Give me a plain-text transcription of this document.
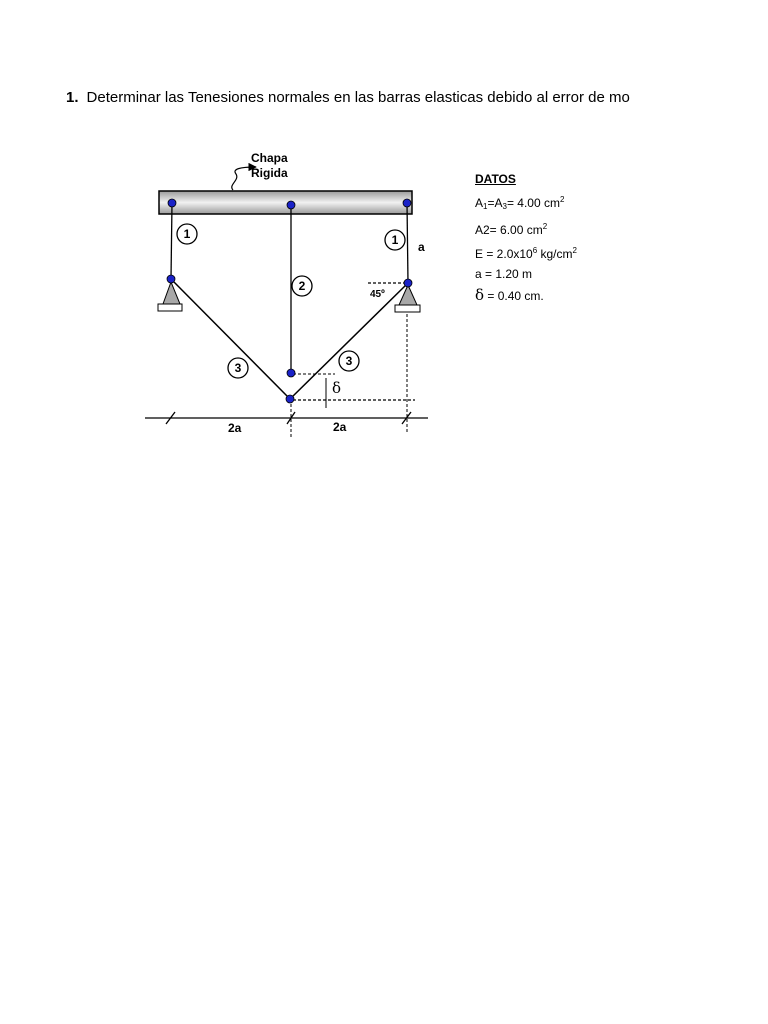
1. Determinar las Tenesiones normales en las barras elasticas debido al error de mo
Chapa
Rigida
45º
δ
2a	2a
1	1 a
2
3	3
DATOS
$A_1=A_3= 4.00$ $cm^2$
A2= 6.00 $cm^2$
$E = 2.0x10^6$ $kg/cm^2$
a = 1.20 m
δ = 0.40 cm.
